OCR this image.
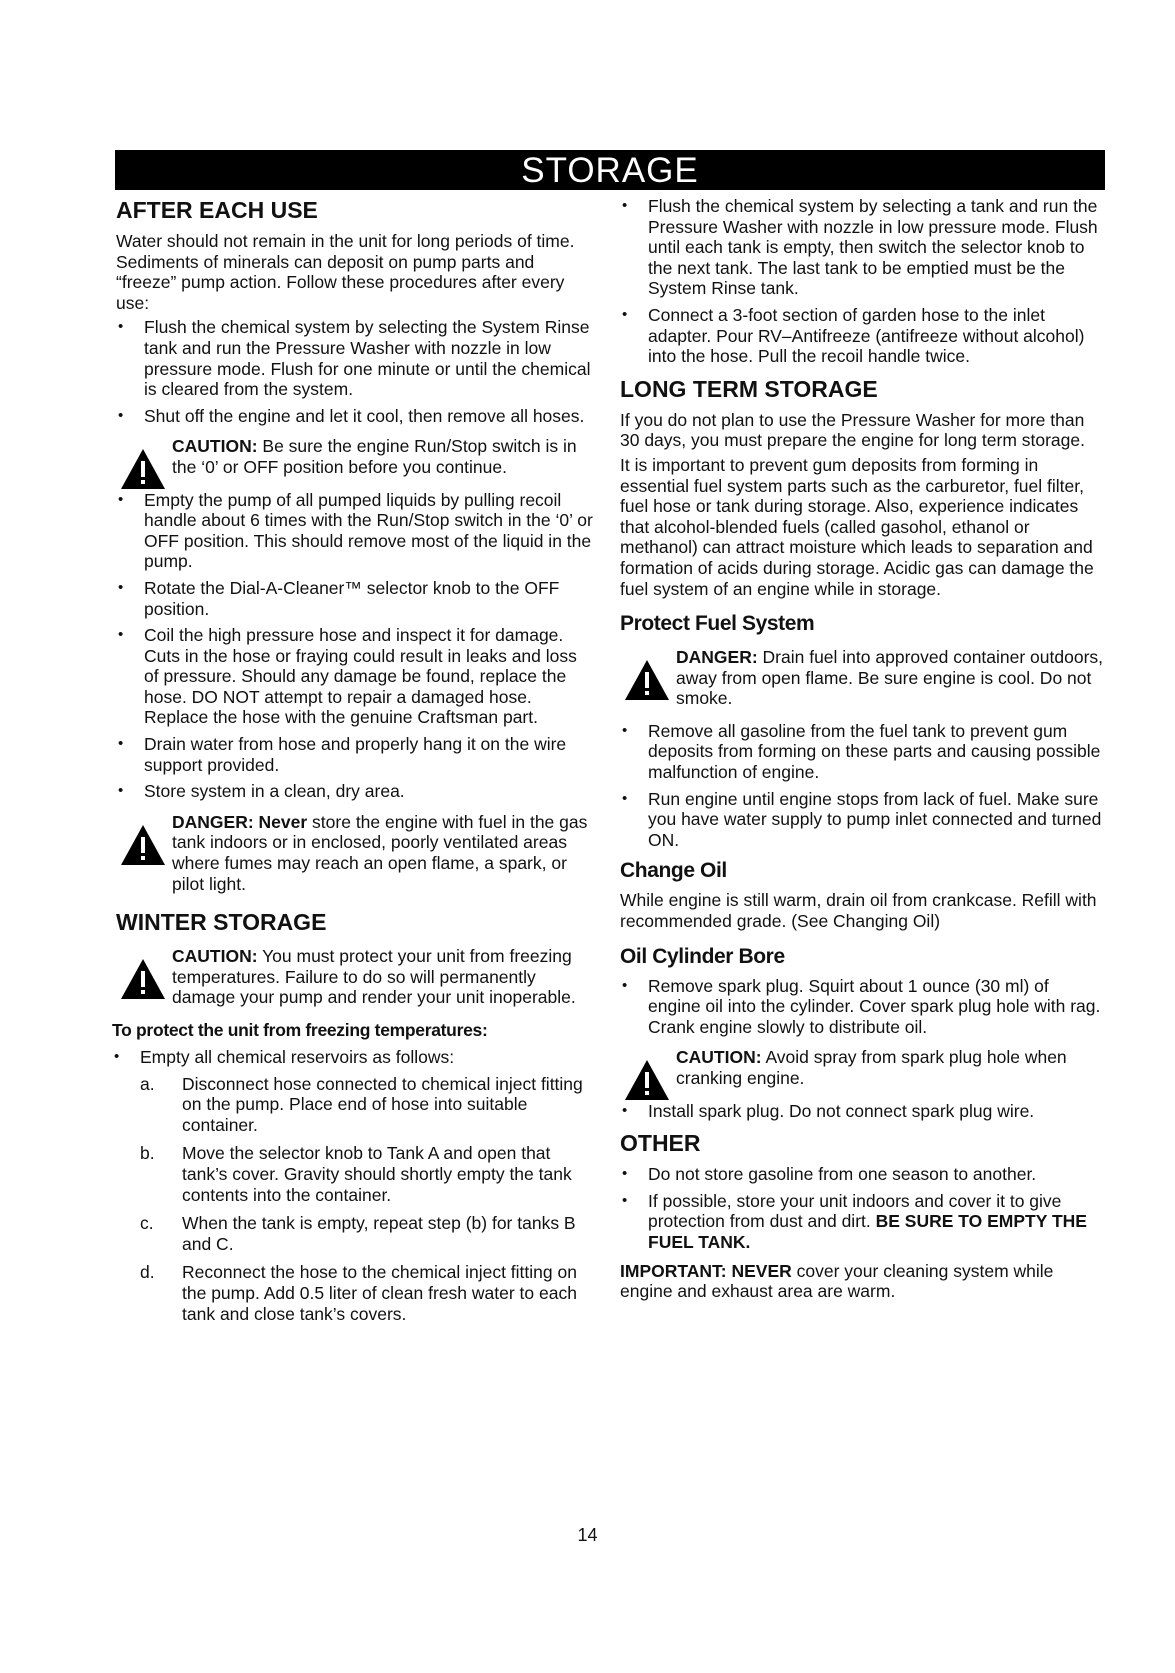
STORAGE
AFTER EACH USE

Water should not remain in the unit for long periods of time. Sediments of minerals can deposit on pump parts and “freeze” pump action. Follow these procedures after every use:

• Flush the chemical system by selecting the System Rinse tank and run the Pressure Washer with nozzle in low pressure mode. Flush for one minute or until the chemical is cleared from the system.
• Shut off the engine and let it cool, then remove all hoses.
CAUTION: Be sure the engine Run/Stop switch is in the ‘0’ or OFF position before you continue.
• Empty the pump of all pumped liquids by pulling recoil handle about 6 times with the Run/Stop switch in the ‘0’ or OFF position. This should remove most of the liquid in the pump.
• Rotate the Dial-A-Cleaner™ selector knob to the OFF position.
• Coil the high pressure hose and inspect it for damage. Cuts in the hose or fraying could result in leaks and loss of pressure. Should any damage be found, replace the hose. DO NOT attempt to repair a damaged hose. Replace the hose with the genuine Craftsman part.
• Drain water from hose and properly hang it on the wire support provided.
• Store system in a clean, dry area.
DANGER: Never store the engine with fuel in the gas tank indoors or in enclosed, poorly ventilated areas where fumes may reach an open flame, a spark, or pilot light.
WINTER STORAGE
CAUTION: You must protect your unit from freezing temperatures. Failure to do so will permanently damage your pump and render your unit inoperable.
To protect the unit from freezing temperatures:
• Empty all chemical reservoirs as follows:
a. Disconnect hose connected to chemical inject fitting on the pump. Place end of hose into suitable container.
b. Move the selector knob to Tank A and open that tank’s cover. Gravity should shortly empty the tank contents into the container.
c. When the tank is empty, repeat step (b) for tanks B and C.
d. Reconnect the hose to the chemical inject fitting on the pump. Add 0.5 liter of clean fresh water to each tank and close tank’s covers.
• Flush the chemical system by selecting a tank and run the Pressure Washer with nozzle in low pressure mode. Flush until each tank is empty, then switch the selector knob to the next tank. The last tank to be emptied must be the System Rinse tank.
• Connect a 3-foot section of garden hose to the inlet adapter. Pour RV–Antifreeze (antifreeze without alcohol) into the hose. Pull the recoil handle twice.
LONG TERM STORAGE

If you do not plan to use the Pressure Washer for more than 30 days, you must prepare the engine for long term storage.

It is important to prevent gum deposits from forming in essential fuel system parts such as the carburetor, fuel filter, fuel hose or tank during storage. Also, experience indicates that alcohol-blended fuels (called gasohol, ethanol or methanol) can attract moisture which leads to separation and formation of acids during storage. Acidic gas can damage the fuel system of an engine while in storage.

Protect Fuel System
DANGER: Drain fuel into approved container outdoors, away from open flame. Be sure engine is cool. Do not smoke.
• Remove all gasoline from the fuel tank to prevent gum deposits from forming on these parts and causing possible malfunction of engine.
• Run engine until engine stops from lack of fuel. Make sure you have water supply to pump inlet connected and turned ON.
Change Oil

While engine is still warm, drain oil from crankcase. Refill with recommended grade. (See Changing Oil)

Oil Cylinder Bore
• Remove spark plug. Squirt about 1 ounce (30 ml) of engine oil into the cylinder. Cover spark plug hole with rag. Crank engine slowly to distribute oil.
CAUTION: Avoid spray from spark plug hole when cranking engine.
• Install spark plug. Do not connect spark plug wire.
OTHER
• Do not store gasoline from one season to another.
• If possible, store your unit indoors and cover it to give protection from dust and dirt. BE SURE TO EMPTY THE FUEL TANK.

IMPORTANT: NEVER cover your cleaning system while engine and exhaust area are warm.

14
